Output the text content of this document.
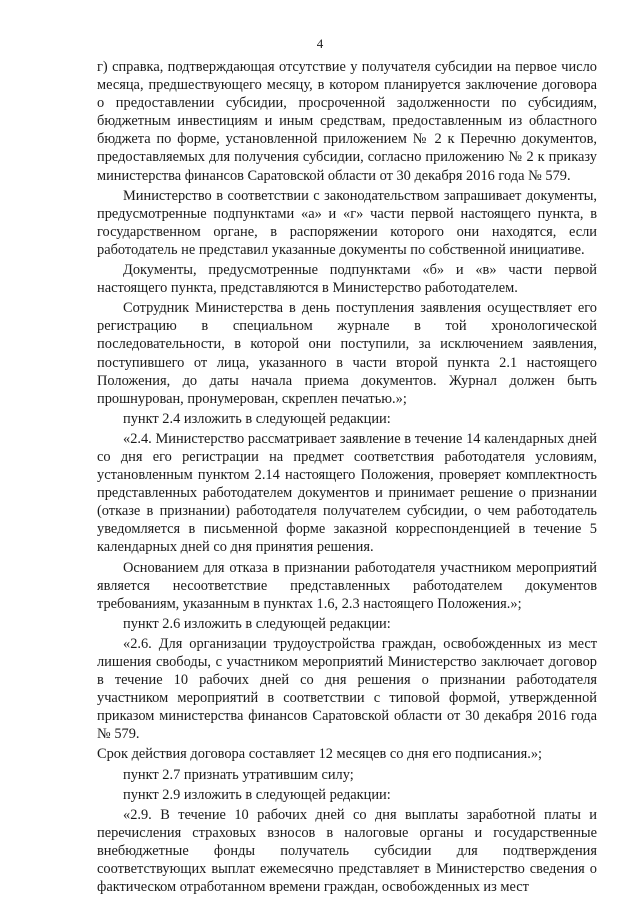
4

г) справка, подтверждающая отсутствие у получателя субсидии на первое число месяца, предшествующего месяцу, в котором планируется заключение договора о предоставлении субсидии, просроченной задолженности по субсидиям, бюджетным инвестициям и иным средствам, предоставленным из областного бюджета по форме, установленной приложением № 2 к Перечню документов, предоставляемых для получения субсидии, согласно приложению № 2 к приказу министерства финансов Саратовской области от 30 декабря 2016 года № 579.

Министерство в соответствии с законодательством запрашивает документы, предусмотренные подпунктами «а» и «г» части первой настоящего пункта, в государственном органе, в распоряжении которого они находятся, если работодатель не представил указанные документы по собственной инициативе.

Документы, предусмотренные подпунктами «б» и «в» части первой настоящего пункта, представляются в Министерство работодателем.

Сотрудник Министерства в день поступления заявления осуществляет его регистрацию в специальном журнале в той хронологической последовательности, в которой они поступили, за исключением заявления, поступившего от лица, указанного в части второй пункта 2.1 настоящего Положения, до даты начала приема документов. Журнал должен быть прошнурован, пронумерован, скреплен печатью.»;

пункт 2.4 изложить в следующей редакции:

«2.4. Министерство рассматривает заявление в течение 14 календарных дней со дня его регистрации на предмет соответствия работодателя условиям, установленным пунктом 2.14 настоящего Положения, проверяет комплектность представленных работодателем документов и принимает решение о признании (отказе в признании) работодателя получателем субсидии, о чем работодатель уведомляется в письменной форме заказной корреспонденцией в течение 5 календарных дней со дня принятия решения.

Основанием для отказа в признании работодателя участником мероприятий является несоответствие представленных работодателем документов требованиям, указанным в пунктах 1.6, 2.3 настоящего Положения.»;

пункт 2.6 изложить в следующей редакции:

«2.6. Для организации трудоустройства граждан, освобожденных из мест лишения свободы, с участником мероприятий Министерство заключает договор в течение 10 рабочих дней со дня решения о признании работодателя участником мероприятий в соответствии с типовой формой, утвержденной приказом министерства финансов Саратовской области от 30 декабря 2016 года № 579.

Срок действия договора составляет 12 месяцев со дня его подписания.»;

пункт 2.7 признать утратившим силу;

пункт 2.9 изложить в следующей редакции:

«2.9. В течение 10 рабочих дней со дня выплаты заработной платы и перечисления страховых взносов в налоговые органы и государственные внебюджетные фонды получатель субсидии для подтверждения соответствующих выплат ежемесячно представляет в Министерство сведения о фактическом отработанном времени граждан, освобожденных из мест
